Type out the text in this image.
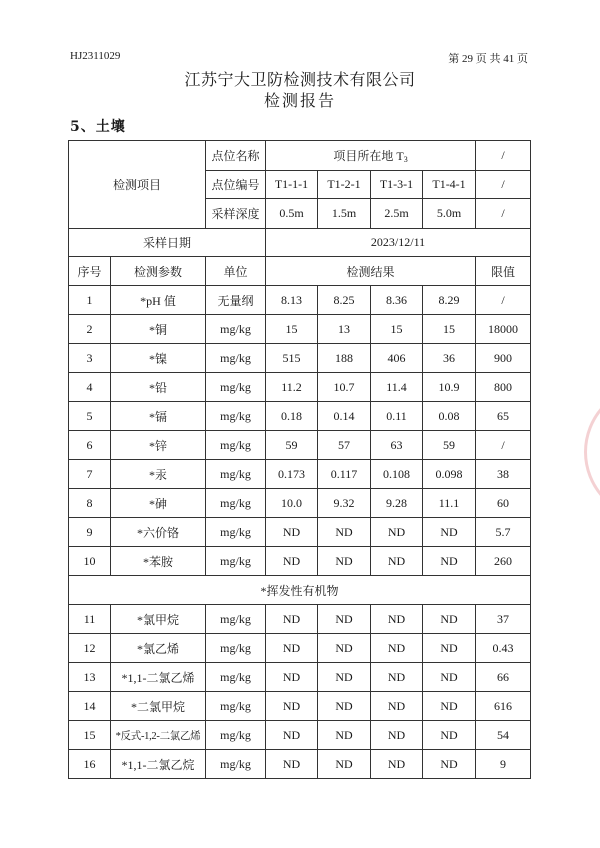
HJ2311029	第 29 页 共 41 页
江苏宁大卫防检测技术有限公司
检测报告
5、土壤
检测项目		点位名称	项目所在地 $T_3$				/
		点位编号	T1-1-1	T1-2-1	T1-3-1	T1-4-1	/
		采样深度	0.5m	1.5m	2.5m	5.0m	/
采样日期			2023/12/11				
序号	检测参数	单位	检测结果				限值
1	*pH 值	无量纲	8.13	8.25	8.36	8.29	/
2	*铜	mg/kg	15	13	15	15	18000
3	*镍	mg/kg	515	188	406	36	900
4	*铅	mg/kg	11.2	10.7	11.4	10.9	800
5	*镉	mg/kg	0.18	0.14	0.11	0.08	65
6	*锌	mg/kg	59	57	63	59	/
7	*汞	mg/kg	0.173	0.117	0.108	0.098	38
8	*砷	mg/kg	10.0	9.32	9.28	11.1	60
9	*六价铬	mg/kg	ND	ND	ND	ND	5.7
10	*苯胺	mg/kg	ND	ND	ND	ND	260
*挥发性有机物							
11	*氯甲烷	mg/kg	ND	ND	ND	ND	37
12	*氯乙烯	mg/kg	ND	ND	ND	ND	0.43
13	*1,1-二氯乙烯	mg/kg	ND	ND	ND	ND	66
14	*二氯甲烷	mg/kg	ND	ND	ND	ND	616
15	*反式-1,2-二氯乙烯	mg/kg	ND	ND	ND	ND	54
16	*1,1-二氯乙烷	mg/kg	ND	ND	ND	ND	9
